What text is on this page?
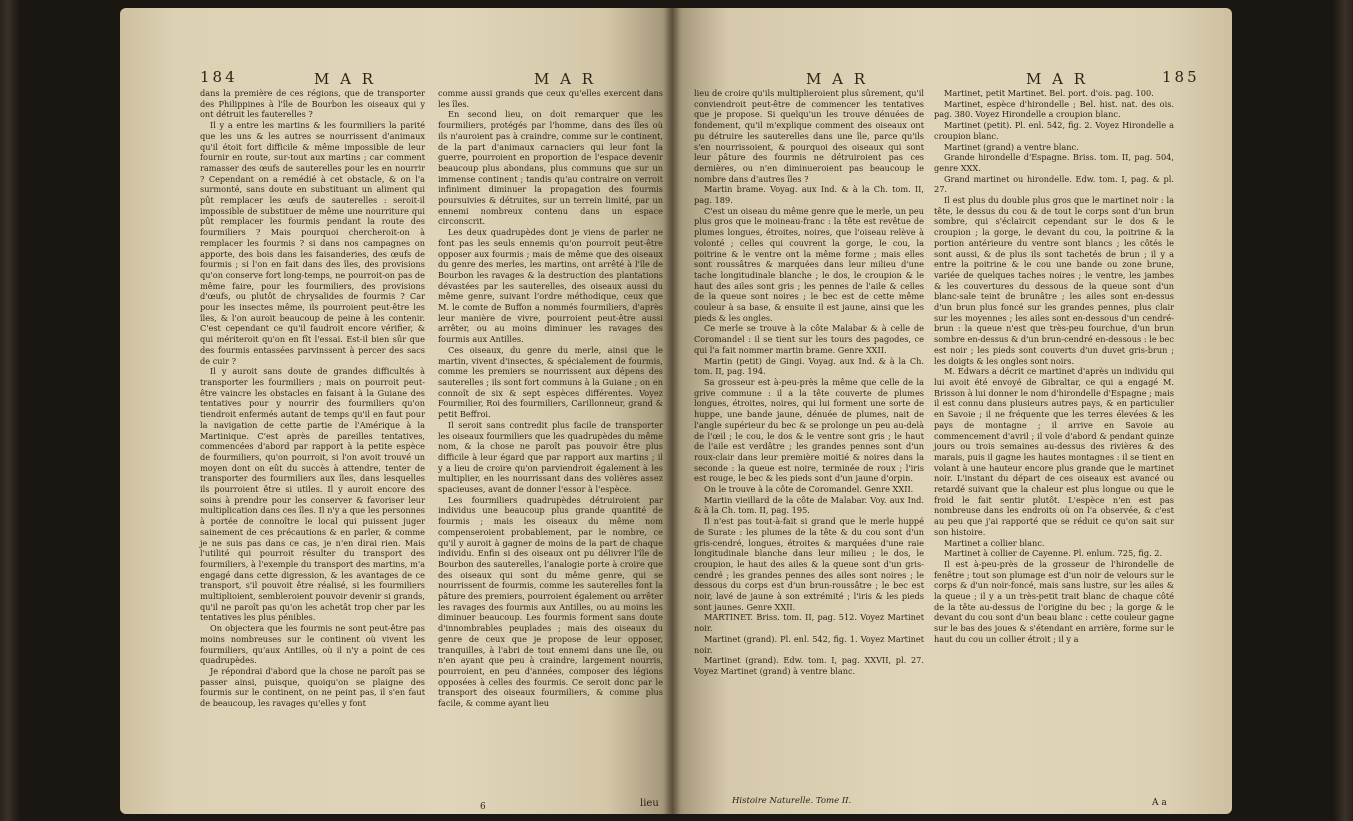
184	M A R	M A R

dans la première de ces régions, que de transporter des Philippines à l'île de Bourbon les oiseaux qui y ont détruit les fauterelles ?

Il y a entre les martins & les fourmiliers la parité que les uns & les autres se nourrissent d'animaux qu'il étoit fort difficile & même impossible de leur fournir en route, sur-tout aux martins ; car comment ramasser des œufs de sauterelles pour les en nourrir ? Cependant on a remédié à cet obstacle, & on l'a surmonté, sans doute en substituant un aliment qui pût remplacer les œufs de sauterelles : seroit-il impossible de substituer de même une nourriture qui pût remplacer les fourmis pendant la route des fourmiliers ? Mais pourquoi chercheroit-on à remplacer les fourmis ? si dans nos campagnes on apporte, des bois dans les faisanderies, des œufs de fourmis ; si l'on en fait dans des îles, des provisions qu'on conserve fort long-temps, ne pourroit-on pas de même faire, pour les fourmiliers, des provisions d'œufs, ou plutôt de chrysalides de fourmis ? Car pour les insectes même, ils pourroient peut-être les îles, & l'on auroit beaucoup de peine à les contenir. C'est cependant ce qu'il faudroit encore vérifier, & qui mériteroit qu'on en fît l'essai. Est-il bien sûr que des fourmis entassées parvinssent à percer des sacs de cuir ?

Il y auroit sans doute de grandes difficultés à transporter les fourmiliers ; mais on pourroit peut-être vaincre les obstacles en faisant à la Guiane des tentatives pour y nourrir des fourmiliers qu'on tiendroit enfermés autant de temps qu'il en faut pour la navigation de cette partie de l'Amérique à la Martinique. C'est après de pareilles tentatives, commencées d'abord par rapport à la petite espèce de fourmiliers, qu'on pourroit, si l'on avoit trouvé un moyen dont on eût du succès à attendre, tenter de transporter des fourmiliers aux îles, dans lesquelles ils pourroient être si utiles. Il y auroit encore des soins à prendre pour les conserver & favoriser leur multiplication dans ces îles. Il n'y a que les personnes à portée de connoître le local qui puissent juger sainement de ces précautions & en parler, & comme je ne suis pas dans ce cas, je n'en dirai rien. Mais l'utilité qui pourroit résulter du transport des fourmiliers, à l'exemple du transport des martins, m'a engagé dans cette digression, & les avantages de ce transport, s'il pouvoit être réalisé, si les fourmiliers multiplioient, sembleroient pouvoir devenir si grands, qu'il ne paroît pas qu'on les achetât trop cher par les tentatives les plus pénibles.

On objectera que les fourmis ne sont peut-être pas moins nombreuses sur le continent où vivent les fourmiliers, qu'aux Antilles, où il n'y a point de ces quadrupèdes.

Je répondrai d'abord que la chose ne paroît pas se passer ainsi, puisque, quoiqu'on se plaigne des fourmis sur le continent, on ne peint pas, il s'en faut de beaucoup, les ravages qu'elles y font

comme aussi grands que ceux qu'elles exercent dans les îles.

En second lieu, on doit remarquer que les fourmiliers, protégés par l'homme, dans des îles où ils n'auroient pas à craindre, comme sur le continent, de la part d'animaux carnaciers qui leur font la guerre, pourroient en proportion de l'espace devenir beaucoup plus abondans, plus communs que sur un immense continent ; tandis qu'au contraire on verroit infiniment diminuer la propagation des fourmis poursuivies & détruites, sur un terrein limité, par un ennemi nombreux contenu dans un espace circonscrit.

Les deux quadrupèdes dont je viens de parler ne font pas les seuls ennemis qu'on pourroit peut-être opposer aux fourmis ; mais de même que des oiseaux du genre des merles, les martins, ont arrêté à l'île de Bourbon les ravages & la destruction des plantations dévastées par les sauterelles, des oiseaux aussi du même genre, suivant l'ordre méthodique, ceux que M. le comte de Buffon a nommés fourmiliers, d'après leur manière de vivre, pourroient peut-être aussi arrêter, ou au moins diminuer les ravages des fourmis aux Antilles.

Ces oiseaux, du genre du merle, ainsi que le martin, vivent d'insectes, & spécialement de fourmis, comme les premiers se nourrissent aux dépens des sauterelles ; ils sont fort communs à la Guiane ; on en connoît de six & sept espèces différentes. Voyez Fourmilier, Roi des fourmiliers, Carillonneur, grand & petit Beffroi.

Il seroit sans contredit plus facile de transporter les oiseaux fourmiliers que les quadrupèdes du même nom, & la chose ne paroît pas pouvoir être plus difficile à leur égard que par rapport aux martins ; il y a lieu de croire qu'on parviendroit également à les multiplier, en les nourrissant dans des volières assez spacieuses, avant de donner l'essor à l'espèce.

Les fourmiliers quadrupèdes détruiroient par individus une beaucoup plus grande quantité de fourmis ; mais les oiseaux du même nom compenseroient probablement, par le nombre, ce qu'il y auroit à gagner de moins de la part de chaque individu. Enfin si des oiseaux ont pu délivrer l'île de Bourbon des sauterelles, l'analogie porte à croire que des oiseaux qui sont du même genre, qui se nourrissent de fourmis, comme les sauterelles font la pâture des premiers, pourroient également ou arrêter les ravages des fourmis aux Antilles, ou au moins les diminuer beaucoup. Les fourmis forment sans doute d'innombrables peuplades ; mais des oiseaux du genre de ceux que je propose de leur opposer, tranquilles, à l'abri de tout ennemi dans une île, ou n'en ayant que peu à craindre, largement nourris, pourroient, en peu d'années, composer des légions opposées à celles des fourmis. Ce seroit donc par le transport des oiseaux fourmiliers, & comme plus facile, & comme ayant lieu

lieu
6
M A R	M A R	185

lieu de croire qu'ils multiplieroient plus sûrement, qu'il conviendroit peut-être de commencer les tentatives que je propose. Si quelqu'un les trouve dénuées de fondement, qu'il m'explique comment des oiseaux ont pu détruire les sauterelles dans une île, parce qu'ils s'en nourrissoient, & pourquoi des oiseaux qui sont leur pâture des fourmis ne détruiroient pas ces dernières, ou n'en diminueroient pas beaucoup le nombre dans d'autres îles ?

Martin brame. Voyag. aux Ind. & à la Ch. tom. II, pag. 189.

C'est un oiseau du même genre que le merle, un peu plus gros que le moineau-franc : la tête est revêtue de plumes longues, étroites, noires, que l'oiseau relève à volonté ; celles qui couvrent la gorge, le cou, la poitrine & le ventre ont la même forme ; mais elles sont roussâtres & marquées dans leur milieu d'une tache longitudinale blanche ; le dos, le croupion & le haut des ailes sont gris ; les pennes de l'aile & celles de la queue sont noires ; le bec est de cette même couleur à sa base, & ensuite il est jaune, ainsi que les pieds & les ongles.

Ce merle se trouve à la côte Malabar & à celle de Coromandel : il se tient sur les tours des pagodes, ce qui l'a fait nommer martin brame. Genre XXII.

Martin (petit) de Gingi. Voyag. aux Ind. & à la Ch. tom. II, pag. 194.

Sa grosseur est à-peu-près la même que celle de la grive commune : il a la tête couverte de plumes longues, étroites, noires, qui lui forment une sorte de huppe, une bande jaune, dénuée de plumes, nait de l'angle supérieur du bec & se prolonge un peu au-delà de l'œil ; le cou, le dos & le ventre sont gris ; le haut de l'aile est verdâtre ; les grandes pennes sont d'un roux-clair dans leur première moitié & noires dans la seconde : la queue est noire, terminée de roux ; l'iris est rouge, le bec & les pieds sont d'un jaune d'orpin.

On le trouve à la côte de Coromandel. Genre XXII.

Martin vieillard de la côte de Malabar. Voy. aux Ind. & à la Ch. tom. II, pag. 195.

Il n'est pas tout-à-fait si grand que le merle huppé de Surate : les plumes de la tête & du cou sont d'un gris-cendré, longues, étroites & marquées d'une raie longitudinale blanche dans leur milieu ; le dos, le croupion, le haut des ailes & la queue sont d'un gris-cendré ; les grandes pennes des ailes sont noires ; le dessous du corps est d'un brun-roussâtre ; le bec est noir, lavé de jaune à son extrémité ; l'iris & les pieds sont jaunes. Genre XXII.

MARTINET. Briss. tom. II, pag. 512. Voyez Martinet noir.

Martinet (grand). Pl. enl. 542, fig. 1. Voyez Martinet noir.

Martinet (grand). Edw. tom. I, pag. XXVII, pl. 27. Voyez Martinet (grand) à ventre blanc.

Martinet, petit Martinet. Bel. port. d'ois. pag. 100.

Martinet, espèce d'hirondelle ; Bel. hist. nat. des ois. pag. 380. Voyez Hirondelle a croupion blanc.

Martinet (petit). Pl. enl. 542, fig. 2. Voyez Hirondelle a croupion blanc.

Martinet (grand) a ventre blanc.

Grande hirondelle d'Espagne. Briss. tom. II, pag. 504, genre XXX.

Grand martinet ou hirondelle. Edw. tom. I, pag. & pl. 27.

Il est plus du double plus gros que le martinet noir : la tête, le dessus du cou & de tout le corps sont d'un brun sombre, qui s'éclaircit cependant sur le dos & le croupion ; la gorge, le devant du cou, la poitrine & la portion antérieure du ventre sont blancs ; les côtés le sont aussi, & de plus ils sont tachetés de brun ; il y a entre la poitrine & le cou une bande ou zone brune, variée de quelques taches noires ; le ventre, les jambes & les couvertures du dessous de la queue sont d'un blanc-sale teint de brunâtre ; les ailes sont en-dessus d'un brun plus foncé sur les grandes pennes, plus clair sur les moyennes ; les ailes sont en-dessous d'un cendré-brun : la queue n'est que très-peu fourchue, d'un brun sombre en-dessus & d'un brun-cendré en-dessous : le bec est noir ; les pieds sont couverts d'un duvet gris-brun ; les doigts & les ongles sont noirs.

M. Edwars a décrit ce martinet d'après un individu qui lui avoit été envoyé de Gibraltar, ce qui a engagé M. Brisson à lui donner le nom d'hirondelle d'Espagne ; mais il est connu dans plusieurs autres pays, & en particulier en Savoie ; il ne fréquente que les terres élevées & les pays de montagne ; il arrive en Savoie au commencement d'avril ; il vole d'abord & pendant quinze jours ou trois semaines au-dessus des rivières & des marais, puis il gagne les hautes montagnes : il se tient en volant à une hauteur encore plus grande que le martinet noir. L'instant du départ de ces oiseaux est avancé ou retardé suivant que la chaleur est plus longue ou que le froid le fait sentir plutôt. L'espèce n'en est pas nombreuse dans les endroits où on l'a observée, & c'est au peu que j'ai rapporté que se réduit ce qu'on sait sur son histoire.

Martinet a collier blanc.

Martinet à collier de Cayenne. Pl. enlum. 725, fig. 2.

Il est à-peu-près de la grosseur de l'hirondelle de fenêtre ; tout son plumage est d'un noir de velours sur le corps & d'un noir-foncé, mais sans lustre, sur les ailes & la queue ; il y a un très-petit trait blanc de chaque côté de la tête au-dessus de l'origine du bec ; la gorge & le devant du cou sont d'un beau blanc : cette couleur gagne sur le bas des joues & s'étendant en arrière, forme sur le haut du cou un collier étroit ; il y a

Histoire Naturelle. Tome II.	A a
